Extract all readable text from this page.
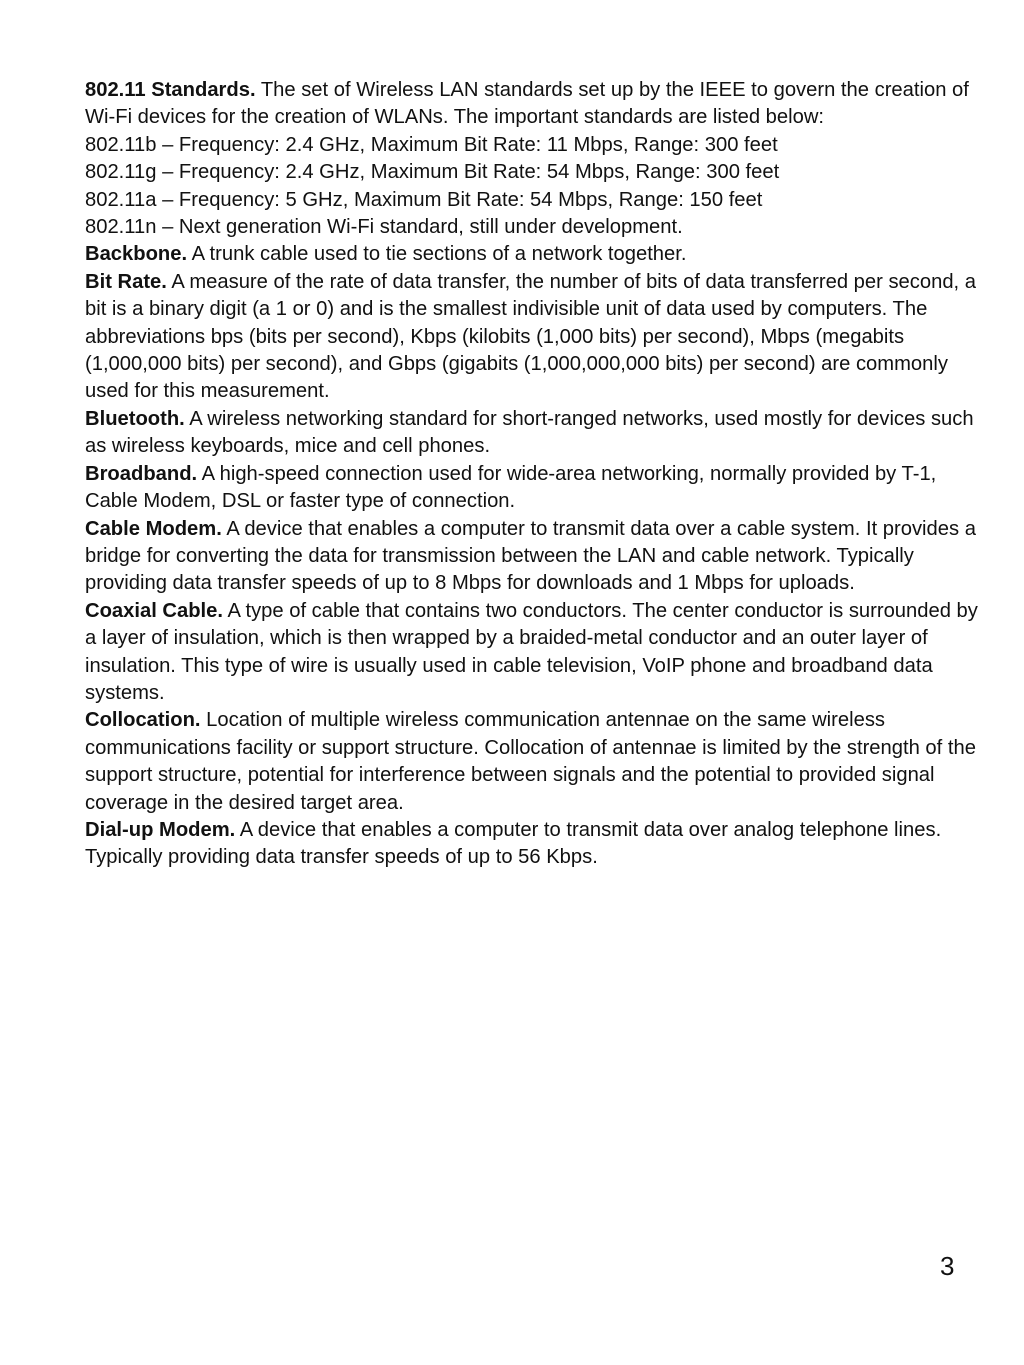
802.11 Standards. The set of Wireless LAN standards set up by the IEEE to govern the creation of Wi-Fi devices for the creation of WLANs. The important standards are listed below:

802.11b – Frequency: 2.4 GHz, Maximum Bit Rate: 11 Mbps, Range: 300 feet

802.11g – Frequency: 2.4 GHz, Maximum Bit Rate: 54 Mbps, Range: 300 feet

802.11a – Frequency: 5 GHz, Maximum Bit Rate: 54 Mbps, Range: 150 feet

802.11n – Next generation Wi-Fi standard, still under development.

Backbone. A trunk cable used to tie sections of a network together.

Bit Rate. A measure of the rate of data transfer, the number of bits of data transferred per second, a bit is a binary digit (a 1 or 0) and is the smallest indivisible unit of data used by computers. The abbreviations bps (bits per second), Kbps (kilobits (1,000 bits) per second), Mbps (megabits (1,000,000 bits) per second), and Gbps (gigabits (1,000,000,000 bits) per second) are commonly used for this measurement.

Bluetooth. A wireless networking standard for short-ranged networks, used mostly for devices such as wireless keyboards, mice and cell phones.

Broadband. A high-speed connection used for wide-area networking, normally provided by T-1, Cable Modem, DSL or faster type of connection.

Cable Modem. A device that enables a computer to transmit data over a cable system. It provides a bridge for converting the data for transmission between the LAN and cable network. Typically providing data transfer speeds of up to 8 Mbps for downloads and 1 Mbps for uploads.

Coaxial Cable. A type of cable that contains two conductors. The center conductor is surrounded by a layer of insulation, which is then wrapped by a braided-metal conductor and an outer layer of insulation. This type of wire is usually used in cable television, VoIP phone and broadband data systems.

Collocation. Location of multiple wireless communication antennae on the same wireless communications facility or support structure. Collocation of antennae is limited by the strength of the support structure, potential for interference between signals and the potential to provided signal coverage in the desired target area.

Dial-up Modem. A device that enables a computer to transmit data over analog telephone lines. Typically providing data transfer speeds of up to 56 Kbps.

3
